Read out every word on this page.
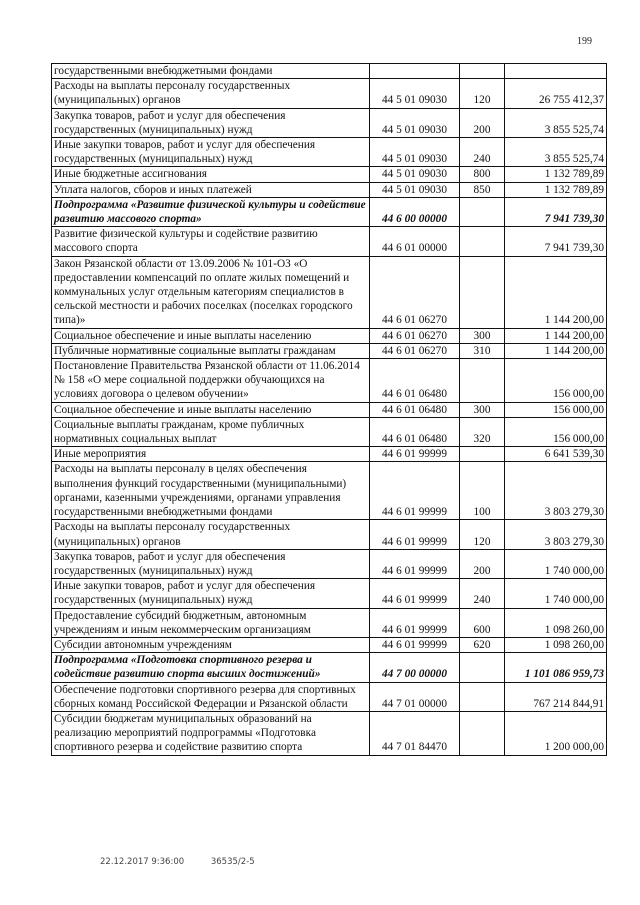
199
государственными внебюджетными фондами			
Расходы на выплаты персоналу государственных (муниципальных) органов	44 5 01 09030	120	26 755 412,37
Закупка товаров, работ и услуг для обеспечения государственных (муниципальных) нужд	44 5 01 09030	200	3 855 525,74
Иные закупки товаров, работ и услуг для обеспечения государственных (муниципальных) нужд	44 5 01 09030	240	3 855 525,74
Иные бюджетные ассигнования	44 5 01 09030	800	1 132 789,89
Уплата налогов, сборов и иных платежей	44 5 01 09030	850	1 132 789,89
Подпрограмма «Развитие физической культуры и содействие развитию массового спорта»	44 6 00 00000		7 941 739,30
Развитие физической культуры и содействие развитию массового спорта	44 6 01 00000		7 941 739,30
Закон Рязанской области от 13.09.2006 № 101-ОЗ «О предоставлении компенсаций по оплате жилых помещений и коммунальных услуг отдельным категориям специалистов в сельской местности и рабочих поселках (поселках городского типа)»	44 6 01 06270		1 144 200,00
Социальное обеспечение и иные выплаты населению	44 6 01 06270	300	1 144 200,00
Публичные нормативные социальные выплаты гражданам	44 6 01 06270	310	1 144 200,00
Постановление Правительства Рязанской области от 11.06.2014 № 158 «О мере социальной поддержки обучающихся на условиях договора о целевом обучении»	44 6 01 06480		156 000,00
Социальное обеспечение и иные выплаты населению	44 6 01 06480	300	156 000,00
Социальные выплаты гражданам, кроме публичных нормативных социальных выплат	44 6 01 06480	320	156 000,00
Иные мероприятия	44 6 01 99999		6 641 539,30
Расходы на выплаты персоналу в целях обеспечения выполнения функций государственными (муниципальными) органами, казенными учреждениями, органами управления государственными внебюджетными фондами	44 6 01 99999	100	3 803 279,30
Расходы на выплаты персоналу государственных (муниципальных) органов	44 6 01 99999	120	3 803 279,30
Закупка товаров, работ и услуг для обеспечения государственных (муниципальных) нужд	44 6 01 99999	200	1 740 000,00
Иные закупки товаров, работ и услуг для обеспечения государственных (муниципальных) нужд	44 6 01 99999	240	1 740 000,00
Предоставление субсидий бюджетным, автономным учреждениям и иным некоммерческим организациям	44 6 01 99999	600	1 098 260,00
Субсидии автономным учреждениям	44 6 01 99999	620	1 098 260,00
Подпрограмма «Подготовка спортивного резерва и содействие развитию спорта высших достижений»	44 7 00 00000		1 101 086 959,73
Обеспечение подготовки спортивного резерва для спортивных сборных команд Российской Федерации и Рязанской области	44 7 01 00000		767 214 844,91
Субсидии бюджетам муниципальных образований на реализацию мероприятий подпрограммы «Подготовка спортивного резерва и содействие развитию спорта	44 7 01 84470		1 200 000,00
22.12.2017 9:36:00	36535/2-5
